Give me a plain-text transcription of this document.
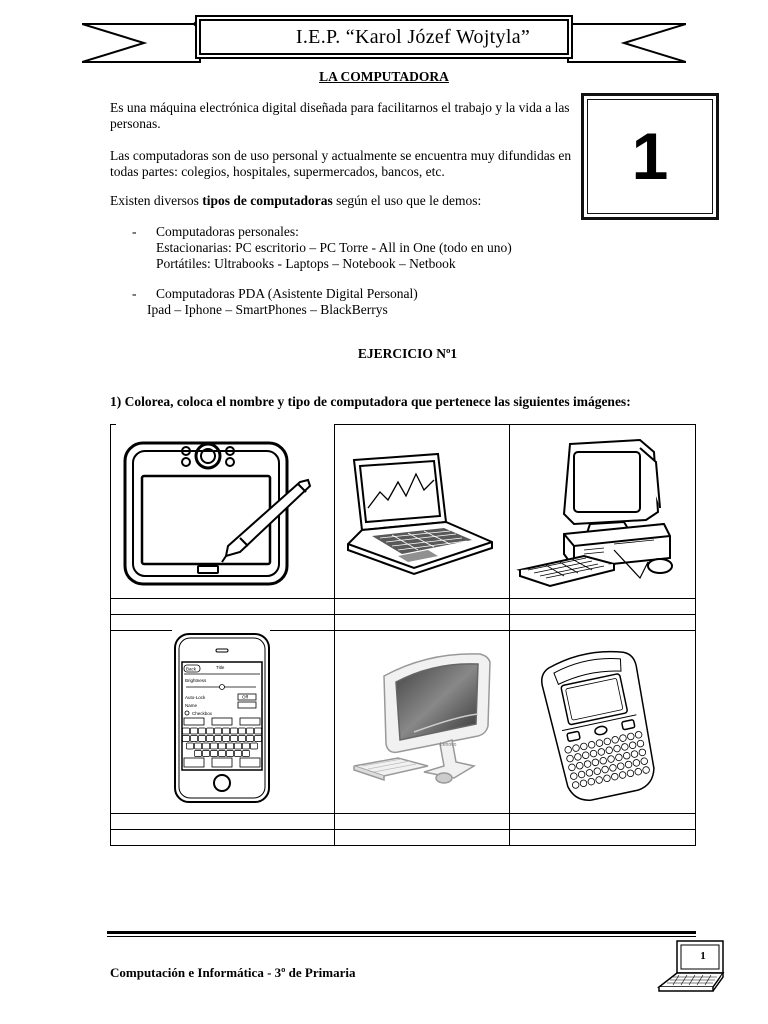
I.E.P. “Karol Józef Wojtyla”
LA COMPUTADORA
Es una máquina electrónica digital diseñada para facilitarnos el trabajo y la vida a las personas.
Las computadoras son de uso personal y actualmente se encuentra muy difundidas en todas partes: colegios, hospitales, supermercados, bancos, etc.
Existen diversos tipos de computadoras según el uso que le demos:
- Computadoras personales:
Estacionarias: PC escritorio – PC Torre - All in One (todo en uno)
Portátiles: Ultrabooks - Laptops – Notebook – Netbook
- Computadoras PDA (Asistente Digital Personal)
Ipad – Iphone – SmartPhones – BlackBerrys
1
EJERCICIO Nº1
1) Colorea, coloca el nombre y tipo de computadora que pertenece las siguientes imágenes:
Back	Title
Brightness
Auto-Lock	Off
Name
Checkbox
Lenovo
Computación e Informática - 3º de Primaria
1
